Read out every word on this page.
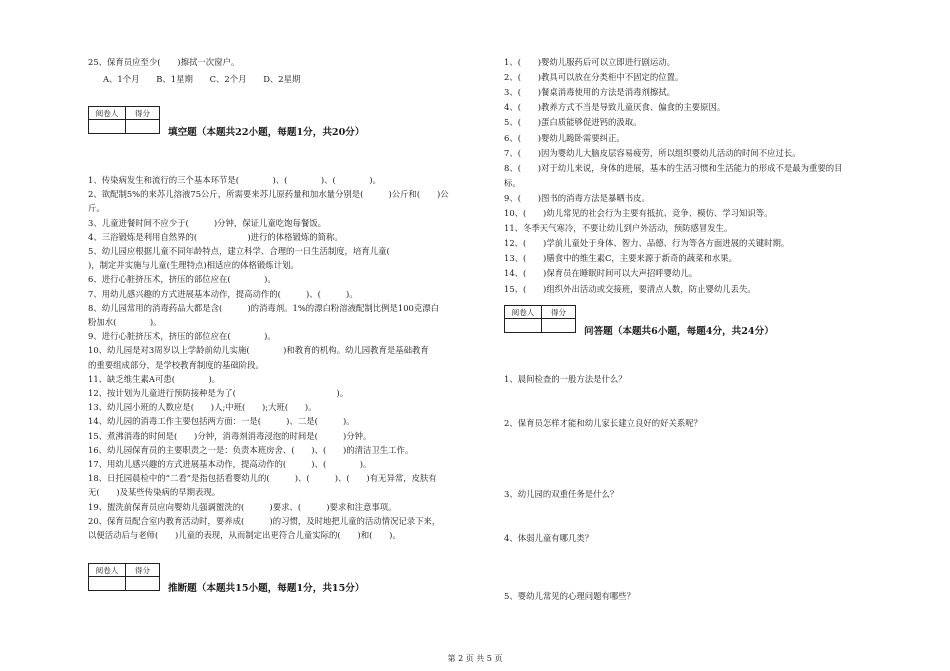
25、保育员应至少(　　)擦拭一次窗户。
A、1个月　　B、1星期　　C、2个月　　D、2星期
阅卷人	得分

填空题（本题共22小题，每题1分，共20分）
1、传染病发生和流行的三个基本环节是(　　　　)、(　　　　)、(　　　　)。
2、欲配制5%的来苏儿溶液75公斤，所需要来苏儿原药量和加水量分别是(　　　)公斤和(　　)公
斤。
3、儿童进餐时间不应少于(　　　)分钟，保证儿童吃饱每餐饭。
4、三浴锻炼是利用自然界的(　　　　　　)进行的体格锻炼的简称。
5、幼儿园应根据儿童不同年龄特点，建立科学、合理的一日生活制度，培育儿童(　　
)，制定并实施与儿童(生理特点)相适应的体格锻炼计划。
6、进行心脏挤压术，挤压的部位应在(　　　　)。
7、用幼儿感兴趣的方式进展基本动作，提高动作的(　　　)、(　　　)。
8、幼儿园常用的消毒药品大都是含(　　　)的消毒剂。1%的漂白粉溶液配制比例是100克漂白
粉加水(　　　　)。
9、进行心脏挤压术，挤压的部位应在(　　　　)。
10、幼儿园是对3周岁以上学龄前幼儿实施(　　　　)和教育的机构。幼儿园教育是基础教育
的重要组成部分，是学校教育制度的基础阶段。
11、缺乏维生素A可患(　　　　)。
12、按计划为儿童进行预防接种是为了(　　　　　　　　　　　　)。
13、幼儿园小班的人数应是(　　)人;中班(　　);大班(　　)。
14、幼儿园的消毒工作主要包括两方面：一是(　　　)、二是(　　　)。
15、煮沸消毒的时间是(　　)分钟，消毒剂消毒浸泡的时间是(　　　)分钟。
16、幼儿园保育员的主要职责之一是：负责本班房舍、(　　)、(　　)的清洁卫生工作。
17、用幼儿感兴趣的方式进展基本动作，提高动作的(　　　)、(　　　　)。
18、日托园晨检中的“二看”是指包括看婴幼儿的(　　　)、(　　　)、(　　)有无异常，皮肤有
无(　　)及某些传染病的早期表现。
19、盥洗前保育员应向婴幼儿强调盥洗的(　　　)要求、(　　　)要求和注意事项。
20、保育员配合室内教育活动时，要养成(　　　)的习惯，及时地把儿童的活动情况记录下来，
以便活动后与老师(　　)儿童的表现，从而制定出更符合儿童实际的(　　)和(　　)。
阅卷人	得分

推断题（本题共15小题，每题1分，共15分）
1、(　　)婴幼儿服药后可以立即进行剧运动。
2、(　　)教具可以放在分类柜中不固定的位置。
3、(　　)餐桌消毒使用的方法是消毒剂擦拭。
4、(　　)教养方式不当是导致儿童厌食、偏食的主要原因。
5、(　　)蛋白质能够促进钙的汲取。
6、(　　)婴幼儿跪卧需要纠正。
7、(　　)因为婴幼儿大脑皮层容易疲劳，所以组织婴幼儿活动的时间不应过长。
8、(　　)对于幼儿来说，身体的进展，基本的生活习惯和生活能力的形成不是最为重要的目
标。
9、(　　)图书的消毒方法是暴晒书皮。
10、(　　)幼儿常见的社会行为主要有抵抗、竞争、模仿、学习知识等。
11、冬季天气寒冷，不要让幼儿到户外活动，预防感冒发生。
12、(　　)学前儿童处于身体、智力、品德、行为等各方面进展的关键时期。
13、(　　)膳食中的维生素C，主要来源于新奇的蔬菜和水果。
14、(　　)保育员在睡眠时间可以大声招呼婴幼儿。
15、(　　)组织外出活动或交接班，要清点人数，防止婴幼儿丢失。
阅卷人	得分

问答题（本题共6小题，每题4分，共24分）
1、晨间检查的一般方法是什么？
2、保育员怎样才能和幼儿家长建立良好的好关系呢？
3、幼儿园的双重任务是什么？
4、体弱儿童有哪几类？
5、婴幼儿常见的心理问题有哪些？
第 2 页 共 5 页
